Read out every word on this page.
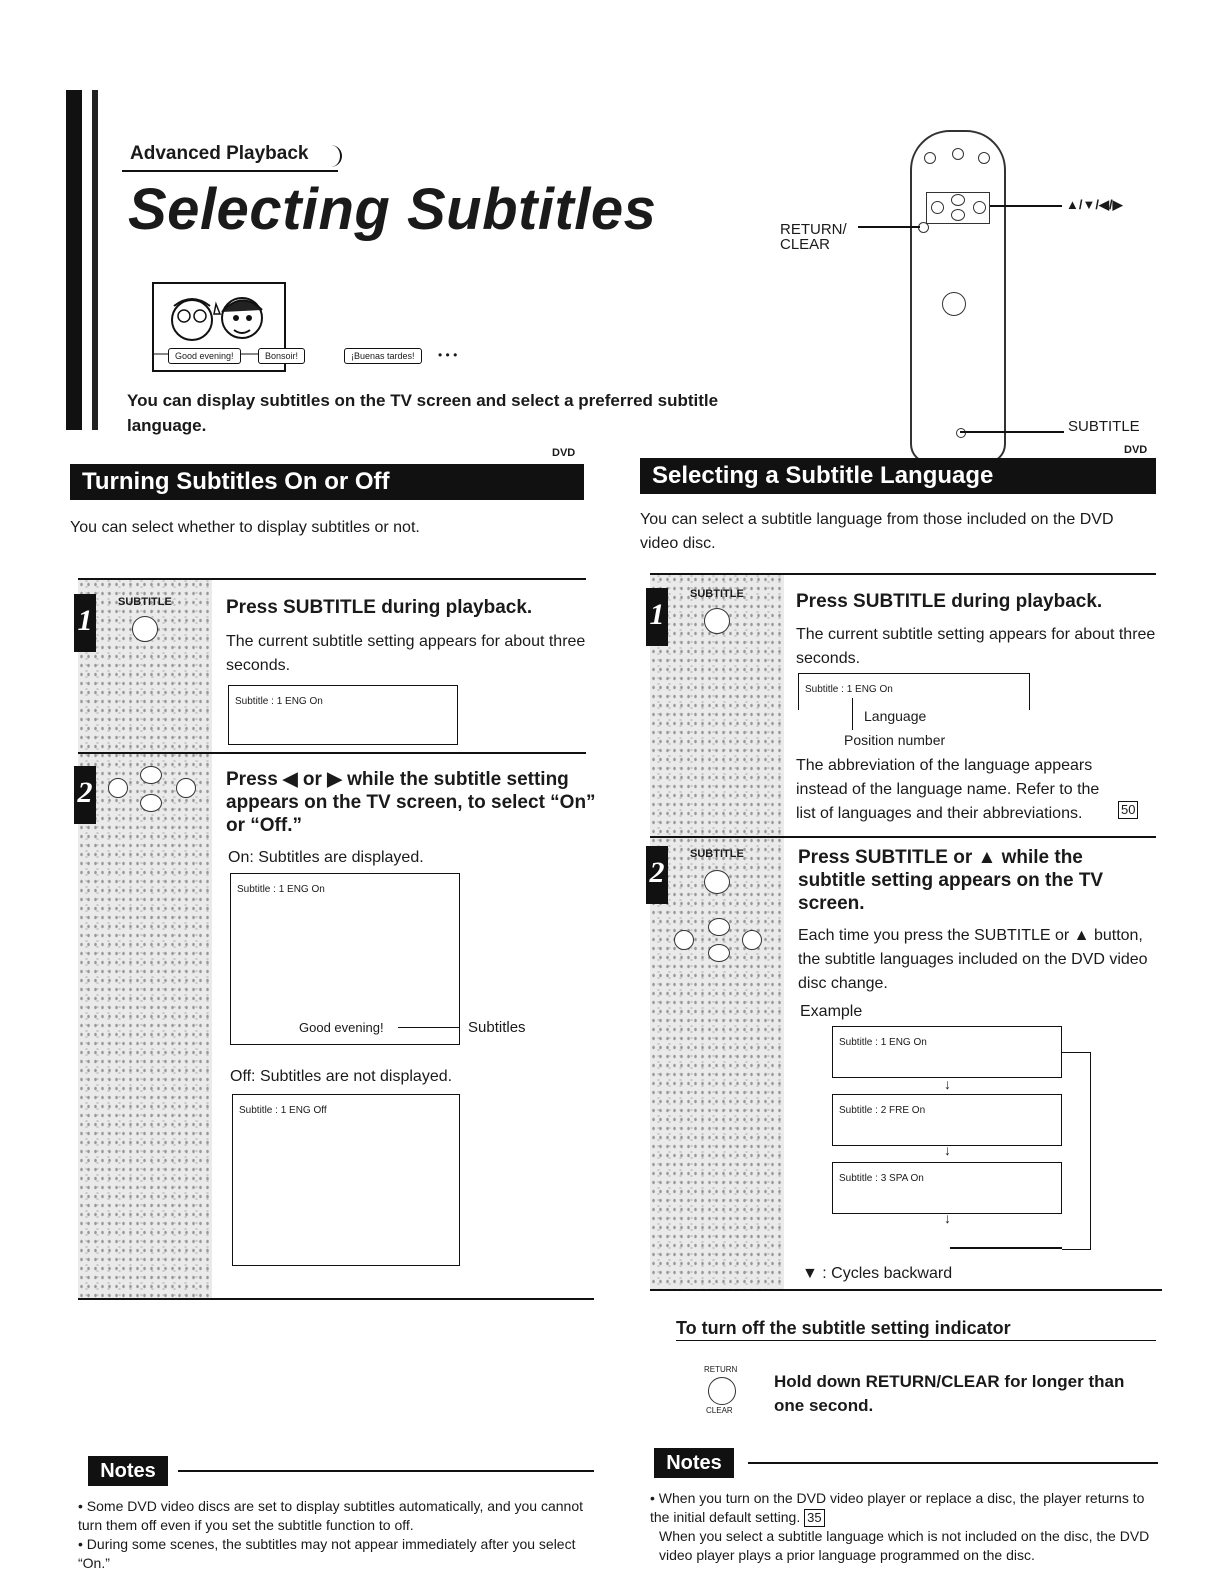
Advanced Playback
Selecting Subtitles
Good evening!	Bonsoir!	¡Buenas tardes!	• • •
You can display subtitles on the TV screen and select a preferred subtitle language.
RETURN/ CLEAR
▲/▼/◀/▶
SUBTITLE
DVD
Turning Subtitles On or Off
You can select whether to display subtitles or not.
1
SUBTITLE	Press SUBTITLE during playback.
The current subtitle setting appears for about three seconds.
Subtitle : 1 ENG On
2	Press ◀ or ▶ while the subtitle setting appears on the TV screen, to select “On” or “Off.”
On: Subtitles are displayed.
Subtitle : 1 ENG On
Good evening!	Subtitles
Off: Subtitles are not displayed.
Subtitle : 1 ENG Off
Notes
• Some DVD video discs are set to display subtitles automatically, and you cannot turn them off even if you set the subtitle function to off.
• During some scenes, the subtitles may not appear immediately after you select “On.”
DVD
Selecting a Subtitle Language
You can select a subtitle language from those included on the DVD video disc.
1
SUBTITLE	Press SUBTITLE during playback.
The current subtitle setting appears for about three seconds.
Subtitle : 1 ENG On
Language
Position number
The abbreviation of the language appears instead of the language name. Refer to the list of languages and their abbreviations.	50
2
SUBTITLE	Press SUBTITLE or ▲ while the subtitle setting appears on the TV screen.
Each time you press the SUBTITLE or ▲ button, the subtitle languages included on the DVD video disc change.
Example
Subtitle : 1 ENG On
↓
Subtitle : 2 FRE On
↓
Subtitle : 3 SPA On
↓
▼ : Cycles backward
To turn off the subtitle setting indicator
RETURN
CLEAR
Hold down RETURN/CLEAR for longer than one second.
Notes
• When you turn on the DVD video player or replace a disc, the player returns to the initial default setting. 35
When you select a subtitle language which is not included on the disc, the DVD video player plays a prior language programmed on the disc.
